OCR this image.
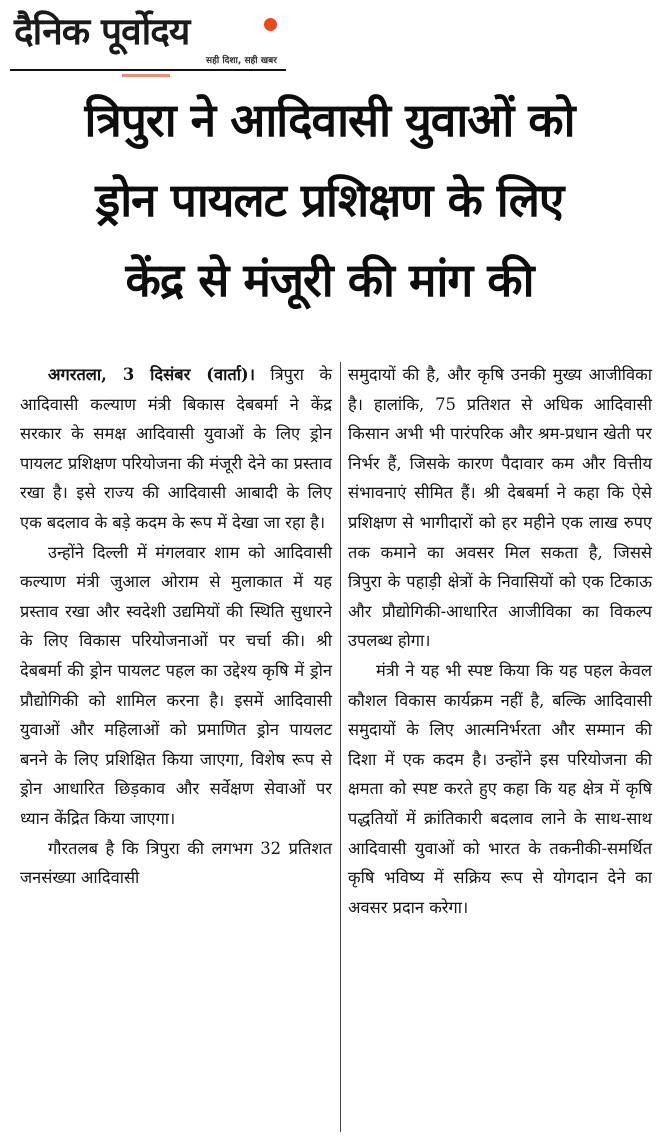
दैनिक पूर्वोदय
सही दिशा, सही खबर
त्रिपुरा ने आदिवासी युवाओं को
ड्रोन पायलट प्रशिक्षण के लिए
केंद्र से मंजूरी की मांग की

अगरतला, 3 दिसंबर (वार्ता)। त्रिपुरा के आदिवासी कल्याण मंत्री बिकास देबबर्मा ने केंद्र सरकार के समक्ष आदिवासी युवाओं के लिए ड्रोन पायलट प्रशिक्षण परियोजना की मंजूरी देने का प्रस्ताव रखा है। इसे राज्य की आदिवासी आबादी के लिए एक बदलाव के बड़े कदम के रूप में देखा जा रहा है।

उन्होंने दिल्ली में मंगलवार शाम को आदिवासी कल्याण मंत्री जुआल ओराम से मुलाकात में यह प्रस्ताव रखा और स्वदेशी उद्यमियों की स्थिति सुधारने के लिए विकास परियोजनाओं पर चर्चा की। श्री देबबर्मा की ड्रोन पायलट पहल का उद्देश्य कृषि में ड्रोन प्रौद्योगिकी को शामिल करना है। इसमें आदिवासी युवाओं और महिलाओं को प्रमाणित ड्रोन पायलट बनने के लिए प्रशिक्षित किया जाएगा, विशेष रूप से ड्रोन आधारित छिड़काव और सर्वेक्षण सेवाओं पर ध्यान केंद्रित किया जाएगा।

गौरतलब है कि त्रिपुरा की लगभग 32 प्रतिशत जनसंख्या आदिवासी

समुदायों की है, और कृषि उनकी मुख्य आजीविका है। हालांकि, 75 प्रतिशत से अधिक आदिवासी किसान अभी भी पारंपरिक और श्रम-प्रधान खेती पर निर्भर हैं, जिसके कारण पैदावार कम और वित्तीय संभावनाएं सीमित हैं। श्री देबबर्मा ने कहा कि ऐसे प्रशिक्षण से भागीदारों को हर महीने एक लाख रुपए तक कमाने का अवसर मिल सकता है, जिससे त्रिपुरा के पहाड़ी क्षेत्रों के निवासियों को एक टिकाऊ और प्रौद्योगिकी-आधारित आजीविका का विकल्प उपलब्ध होगा।

मंत्री ने यह भी स्पष्ट किया कि यह पहल केवल कौशल विकास कार्यक्रम नहीं है, बल्कि आदिवासी समुदायों के लिए आत्मनिर्भरता और सम्मान की दिशा में एक कदम है। उन्होंने इस परियोजना की क्षमता को स्पष्ट करते हुए कहा कि यह क्षेत्र में कृषि पद्धतियों में क्रांतिकारी बदलाव लाने के साथ-साथ आदिवासी युवाओं को भारत के तकनीकी-समर्थित कृषि भविष्य में सक्रिय रूप से योगदान देने का अवसर प्रदान करेगा।
